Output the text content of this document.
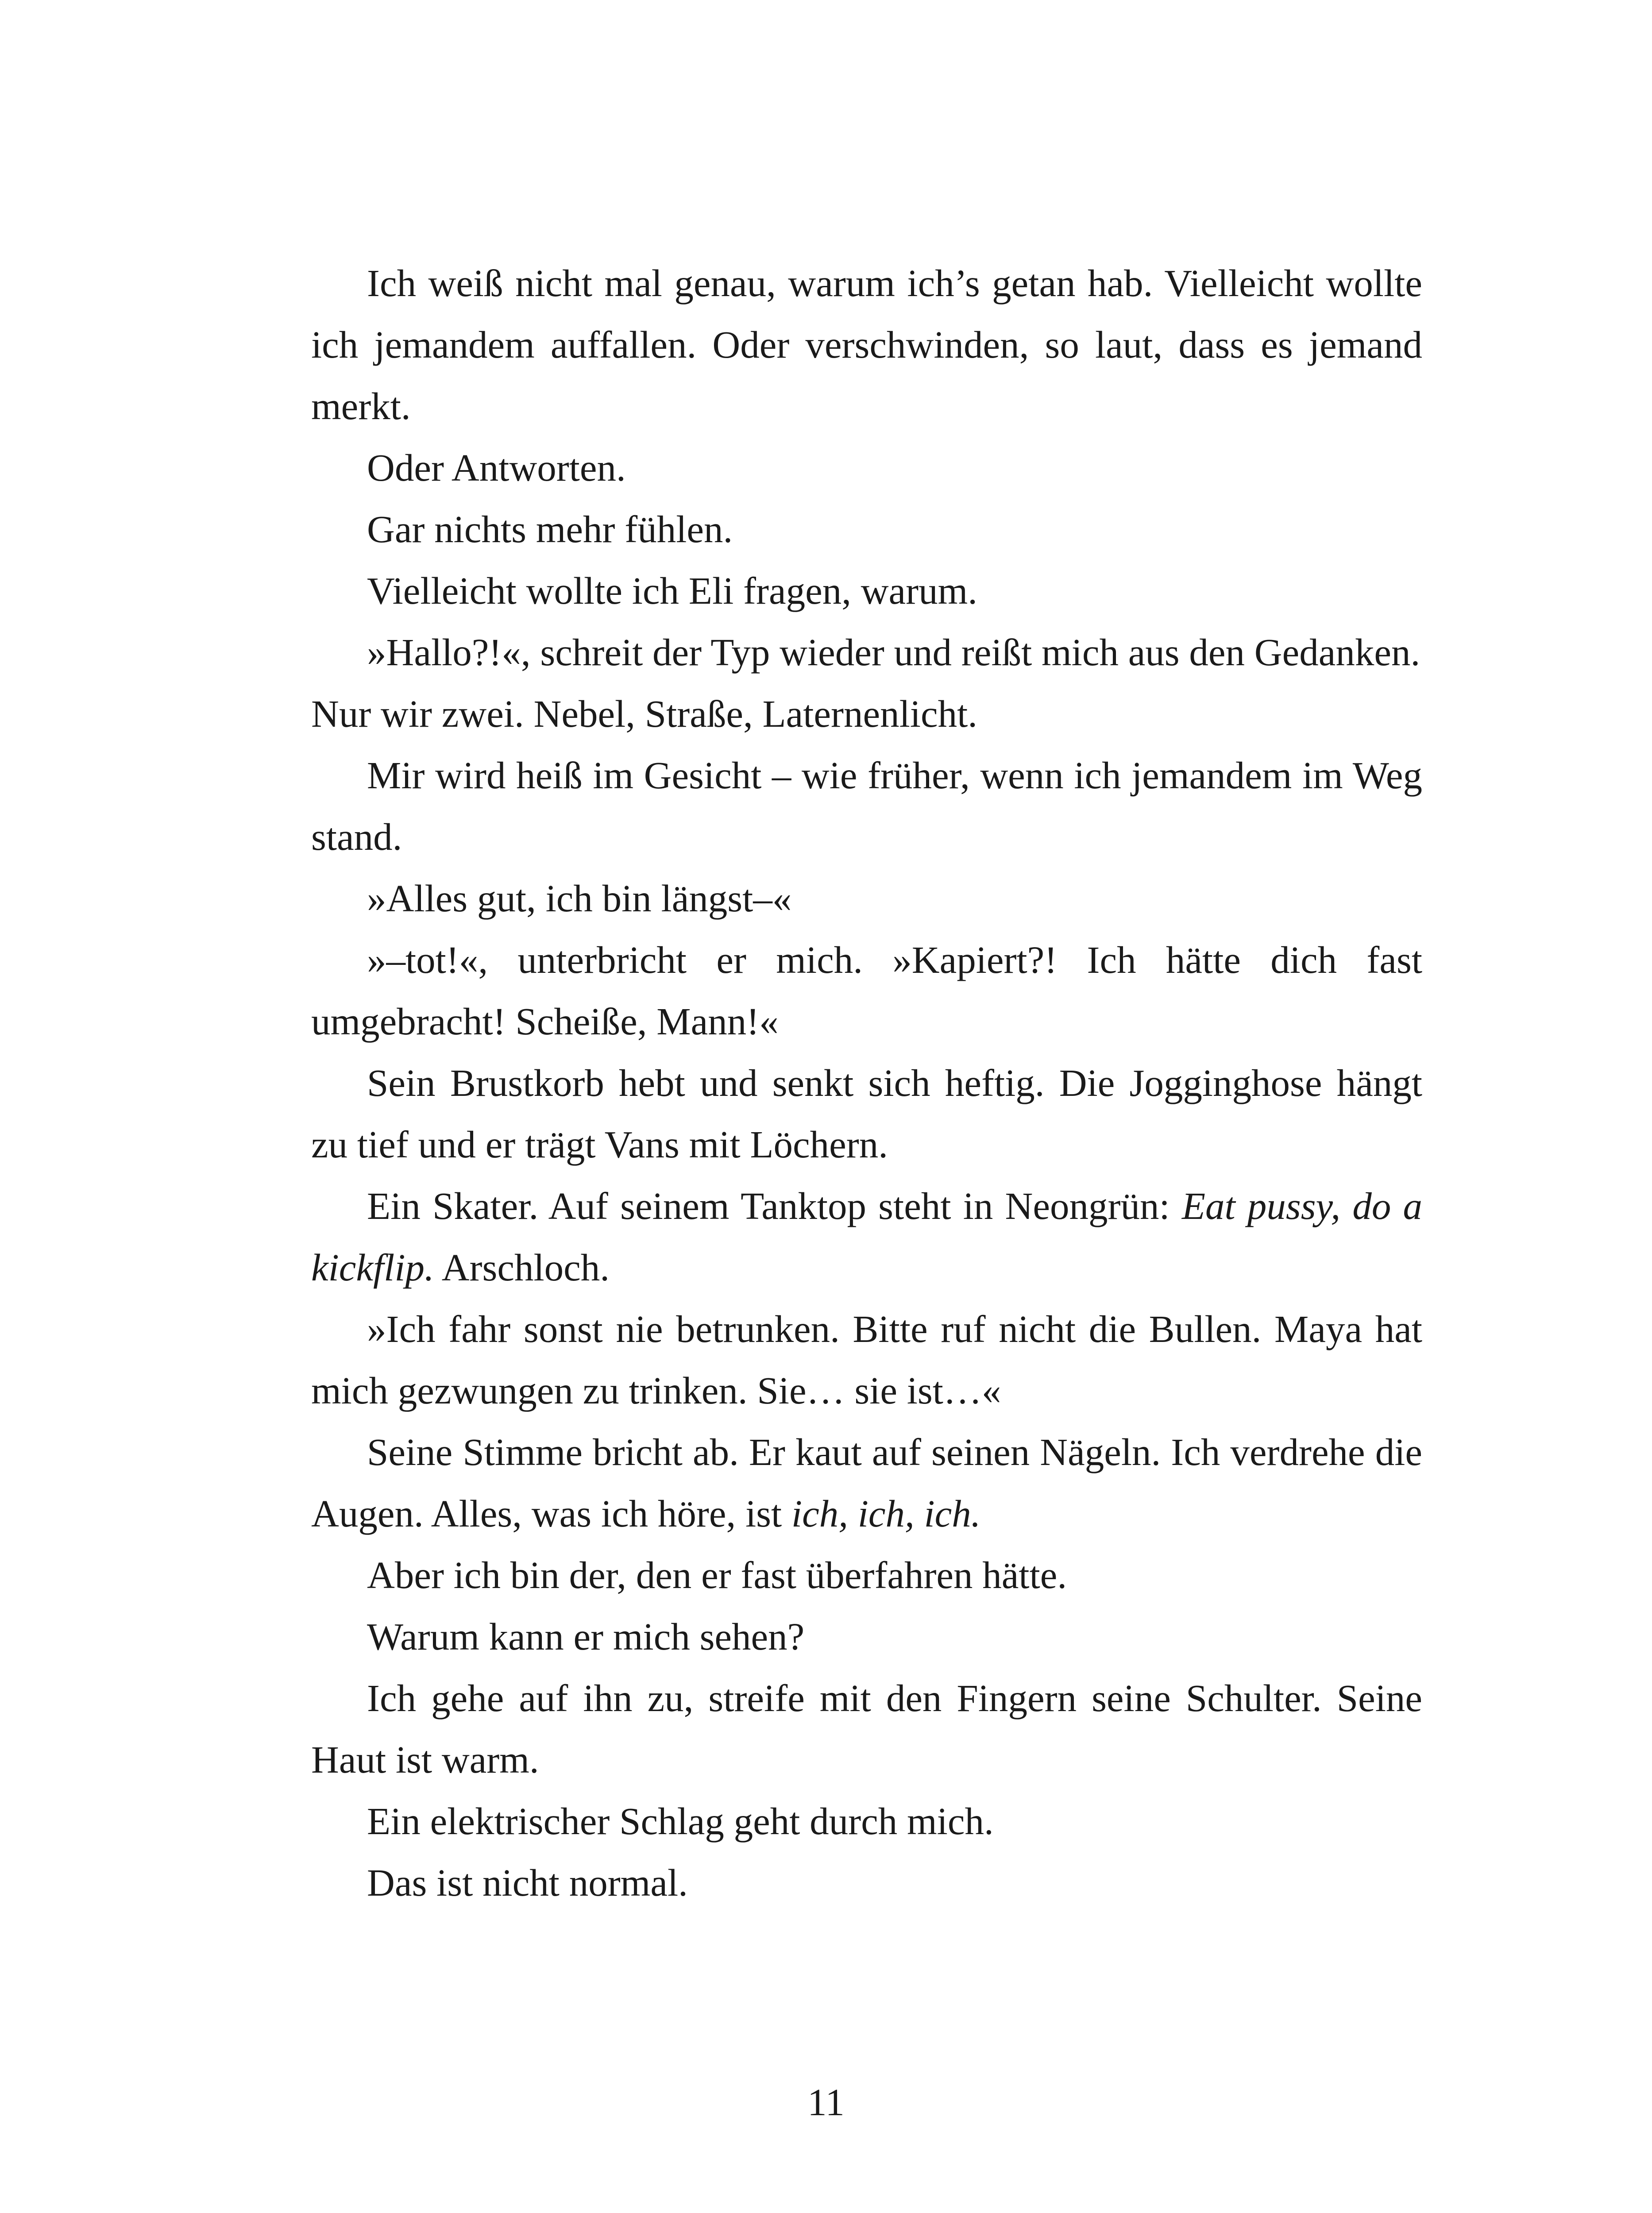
Ich weiß nicht mal genau, warum ich’s getan hab. Vielleicht wollte ich jemandem auffallen. Oder verschwinden, so laut, dass es jemand merkt.

Oder Antworten.

Gar nichts mehr fühlen.

Vielleicht wollte ich Eli fragen, warum.

»Hallo?!«, schreit der Typ wieder und reißt mich aus den Gedanken.

Nur wir zwei. Nebel, Straße, Laternenlicht.

Mir wird heiß im Gesicht – wie früher, wenn ich jemandem im Weg stand.

»Alles gut, ich bin längst–«

»–tot!«, unterbricht er mich. »Kapiert?! Ich hätte dich fast umgebracht! Scheiße, Mann!«

Sein Brustkorb hebt und senkt sich heftig. Die Jogginghose hängt zu tief und er trägt Vans mit Löchern.

Ein Skater. Auf seinem Tanktop steht in Neongrün: Eat pussy, do a kickflip. Arschloch.

»Ich fahr sonst nie betrunken. Bitte ruf nicht die Bullen. Maya hat mich gezwungen zu trinken. Sie… sie ist…«

Seine Stimme bricht ab. Er kaut auf seinen Nägeln. Ich verdrehe die Augen. Alles, was ich höre, ist ich, ich, ich.

Aber ich bin der, den er fast überfahren hätte.

Warum kann er mich sehen?

Ich gehe auf ihn zu, streife mit den Fingern seine Schulter. Seine Haut ist warm.

Ein elektrischer Schlag geht durch mich.

Das ist nicht normal.

11
